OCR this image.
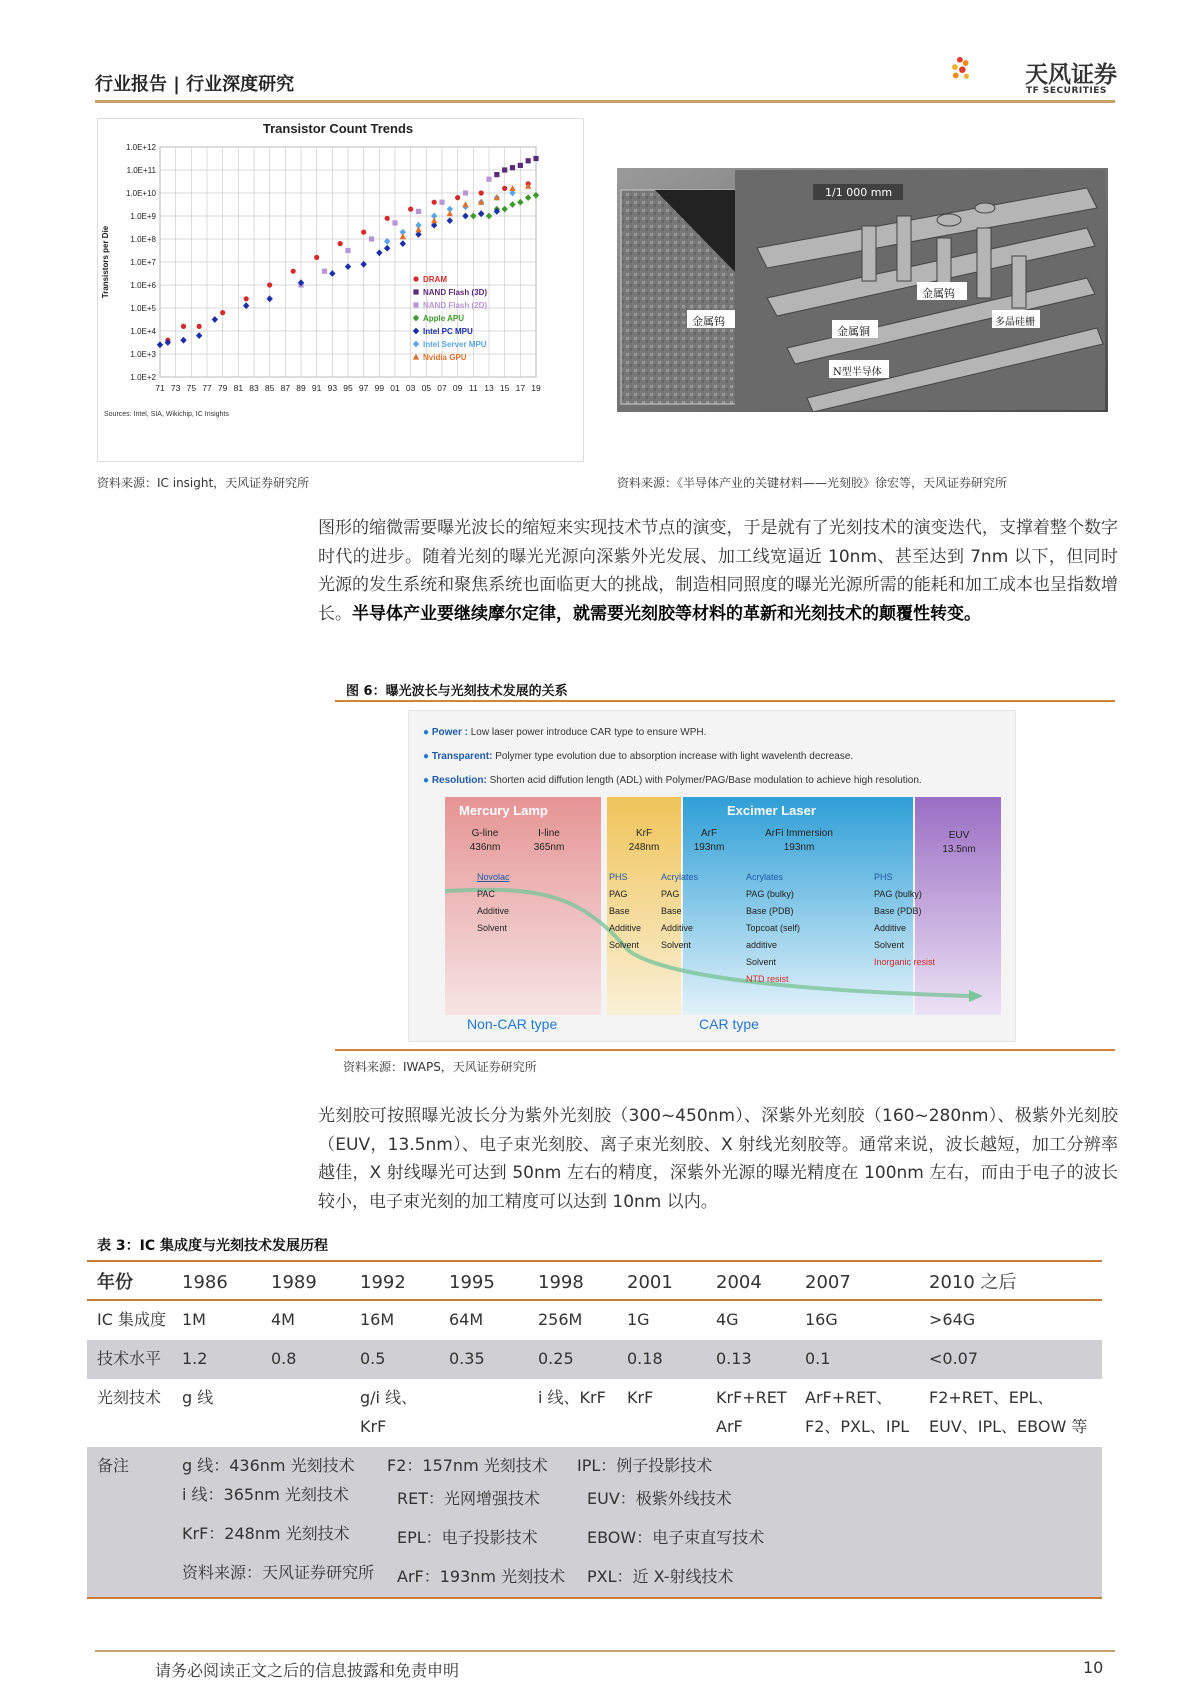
行业报告 | 行业深度研究	天风证券
TF SECURITIES
Transistor Count Trends
1.0E+2
1.0E+3
1.0E+4
1.0E+5
1.0E+6
1.0E+7
1.0E+8
1.0E+9
1.0E+10
1.0E+11
1.0E+12
71 73 75 77 79 81 83 85 87 89 91 93 95 97 99 01 03 05 07 09 11 13 15 17 19
Transistors per Die
Sources: Intel, SIA, Wikichip, IC Insights
DRAM
NAND Flash (3D)
NAND Flash (2D)
Apple APU
Intel PC MPU
Intel Server MPU
Nvidia GPU
资料来源：IC insight，天风证券研究所
1/1 000 mm
金属钨
金属钨
金属铜
多晶硅栅
N型半导体
资料来源：《半导体产业的关键材料——光刻胶》徐宏等，天风证券研究所
图形的缩微需要曝光波长的缩短来实现技术节点的演变，于是就有了光刻技术的演变迭代，支撑着整个数字时代的进步。随着光刻的曝光光源向深紫外光发展、加工线宽逼近 10nm、甚至达到 7nm 以下，但同时光源的发生系统和聚焦系统也面临更大的挑战，制造相同照度的曝光光源所需的能耗和加工成本也呈指数增长。半导体产业要继续摩尔定律，就需要光刻胶等材料的革新和光刻技术的颠覆性转变。
图 6：曝光波长与光刻技术发展的关系
● Power : Low laser power introduce CAR type to ensure WPH.
● Transparent: Polymer type evolution due to absorption increase with light wavelenth decrease.
● Resolution: Shorten acid diffution length (ADL) with Polymer/PAG/Base modulation to achieve high resolution.
Mercury Lamp	Excimer Laser
G-line
436nm
I-line
365nm
KrF
248nm
ArF
193nm
ArFi Immersion
193nm
EUV
13.5nm
Novolac
PAC
Additive
Solvent
PHS
PAG
Base
Additive
Solvent
Acrylates
PAG
Base
Additive
Solvent
Acrylates
PAG (bulky)
Base (PDB)
Topcoat (self)
additive
Solvent
NTD resist
PHS
PAG (bulky)
Base (PDB)
Additive
Solvent
Inorganic resist
Non-CAR type	CAR type
资料来源：IWAPS，天风证券研究所
光刻胶可按照曝光波长分为紫外光刻胶（300~450nm）、深紫外光刻胶（160~280nm）、极紫外光刻胶（EUV，13.5nm）、电子束光刻胶、离子束光刻胶、X 射线光刻胶等。通常来说，波长越短，加工分辨率越佳，X 射线曝光可达到 50nm 左右的精度，深紫外光源的曝光精度在 100nm 左右，而由于电子的波长较小，电子束光刻的加工精度可以达到 10nm 以内。
表 3：IC 集成度与光刻技术发展历程
年份	1986	1989	1992	1995	1998	2001	2004	2007	2010 之后
IC 集成度	1M	4M	16M	64M	256M	1G	4G	16G	>64G
技术水平	1.2	0.8	0.5	0.35	0.25	0.18	0.13	0.1	<0.07
光刻技术	g 线		g/i 线、KrF		i 线、KrF	KrF	KrF+RET ArF	ArF+RET、F2、PXL、IPL	F2+RET、EPL、EUV、IPL、EBOW 等
备注		g 线：436nm 光刻技术	F2：157nm 光刻技术	IPL：例子投影技术
i 线：365nm 光刻技术	RET：光网增强技术	EUV：极紫外线技术
KrF：248nm 光刻技术	EPL：电子投影技术	EBOW：电子束直写技术
资料来源：天风证券研究所	ArF：193nm 光刻技术	PXL：近 X-射线技术
请务必阅读正文之后的信息披露和免责申明	10
